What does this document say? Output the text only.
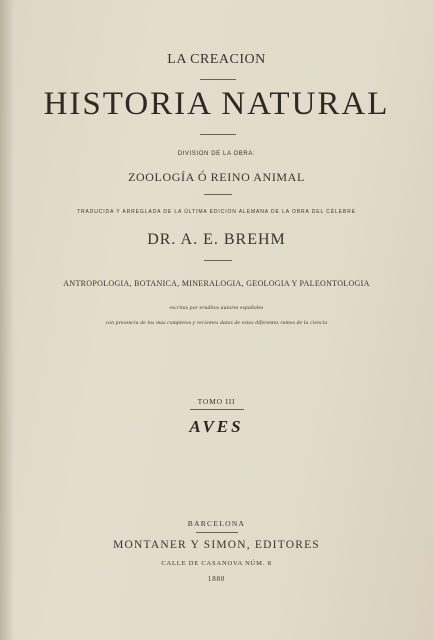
LA CREACION
HISTORIA NATURAL
DIVISION DE LA OBRA:
ZOOLOGÍA Ó REINO ANIMAL
TRADUCIDA Y ARREGLADA DE LA ÚLTIMA EDICION ALEMANA DE LA OBRA DEL CÉLEBRE
DR. A. E. BREHM
ANTROPOLOGIA, BOTANICA, MINERALOGIA, GEOLOGIA Y PALEONTOLOGIA
escritas por eruditos autores españoles
con presencia de los mas completos y recientes datos de estos diferentes ramos de la ciencia
TOMO III
AVES
BARCELONA
MONTANER Y SIMON, EDITORES
CALLE DE CASANOVA NÚM. 8
1880
